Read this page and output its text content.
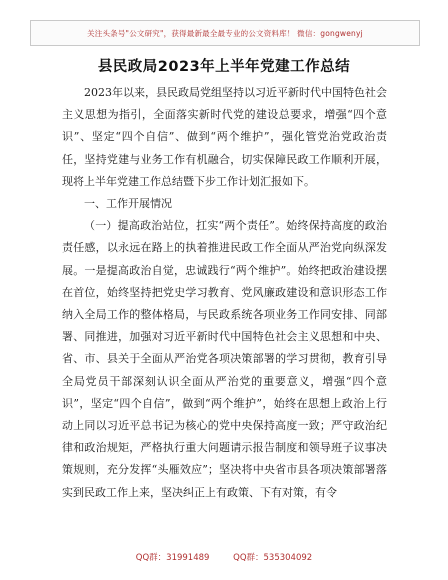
关注头条号"公文研究"，获得最新最全最专业的公文资料库！ 微信：gongwenyj
县民政局2023年上半年党建工作总结

2023年以来，县民政局党组坚持以习近平新时代中国特色社会主义思想为指引，全面落实新时代党的建设总要求，增强“四个意识”、坚定“四个自信”、做到“两个维护”，强化管党治党政治责任，坚持党建与业务工作有机融合，切实保障民政工作顺利开展，现将上半年党建工作总结暨下步工作计划汇报如下。

一、工作开展情况

（一）提高政治站位，扛实“两个责任”。始终保持高度的政治责任感，以永远在路上的执着推进民政工作全面从严治党向纵深发展。一是提高政治自觉，忠诚践行“两个维护”。始终把政治建设摆在首位，始终坚持把党史学习教育、党风廉政建设和意识形态工作纳入全局工作的整体格局，与民政系统各项业务工作同安排、同部署、同推进，加强对习近平新时代中国特色社会主义思想和中央、省、市、县关于全面从严治党各项决策部署的学习贯彻，教育引导全局党员干部深刻认识全面从严治党的重要意义，增强“四个意识”，坚定“四个自信”，做到“两个维护”，始终在思想上政治上行动上同以习近平总书记为核心的党中央保持高度一致；严守政治纪律和政治规矩，严格执行重大问题请示报告制度和领导班子议事决策规则，充分发挥“头雁效应”；坚决将中央省市县各项决策部署落实到民政工作上来，坚决纠正上有政策、下有对策，有令

QQ群：31991489	QQ群：535304092
